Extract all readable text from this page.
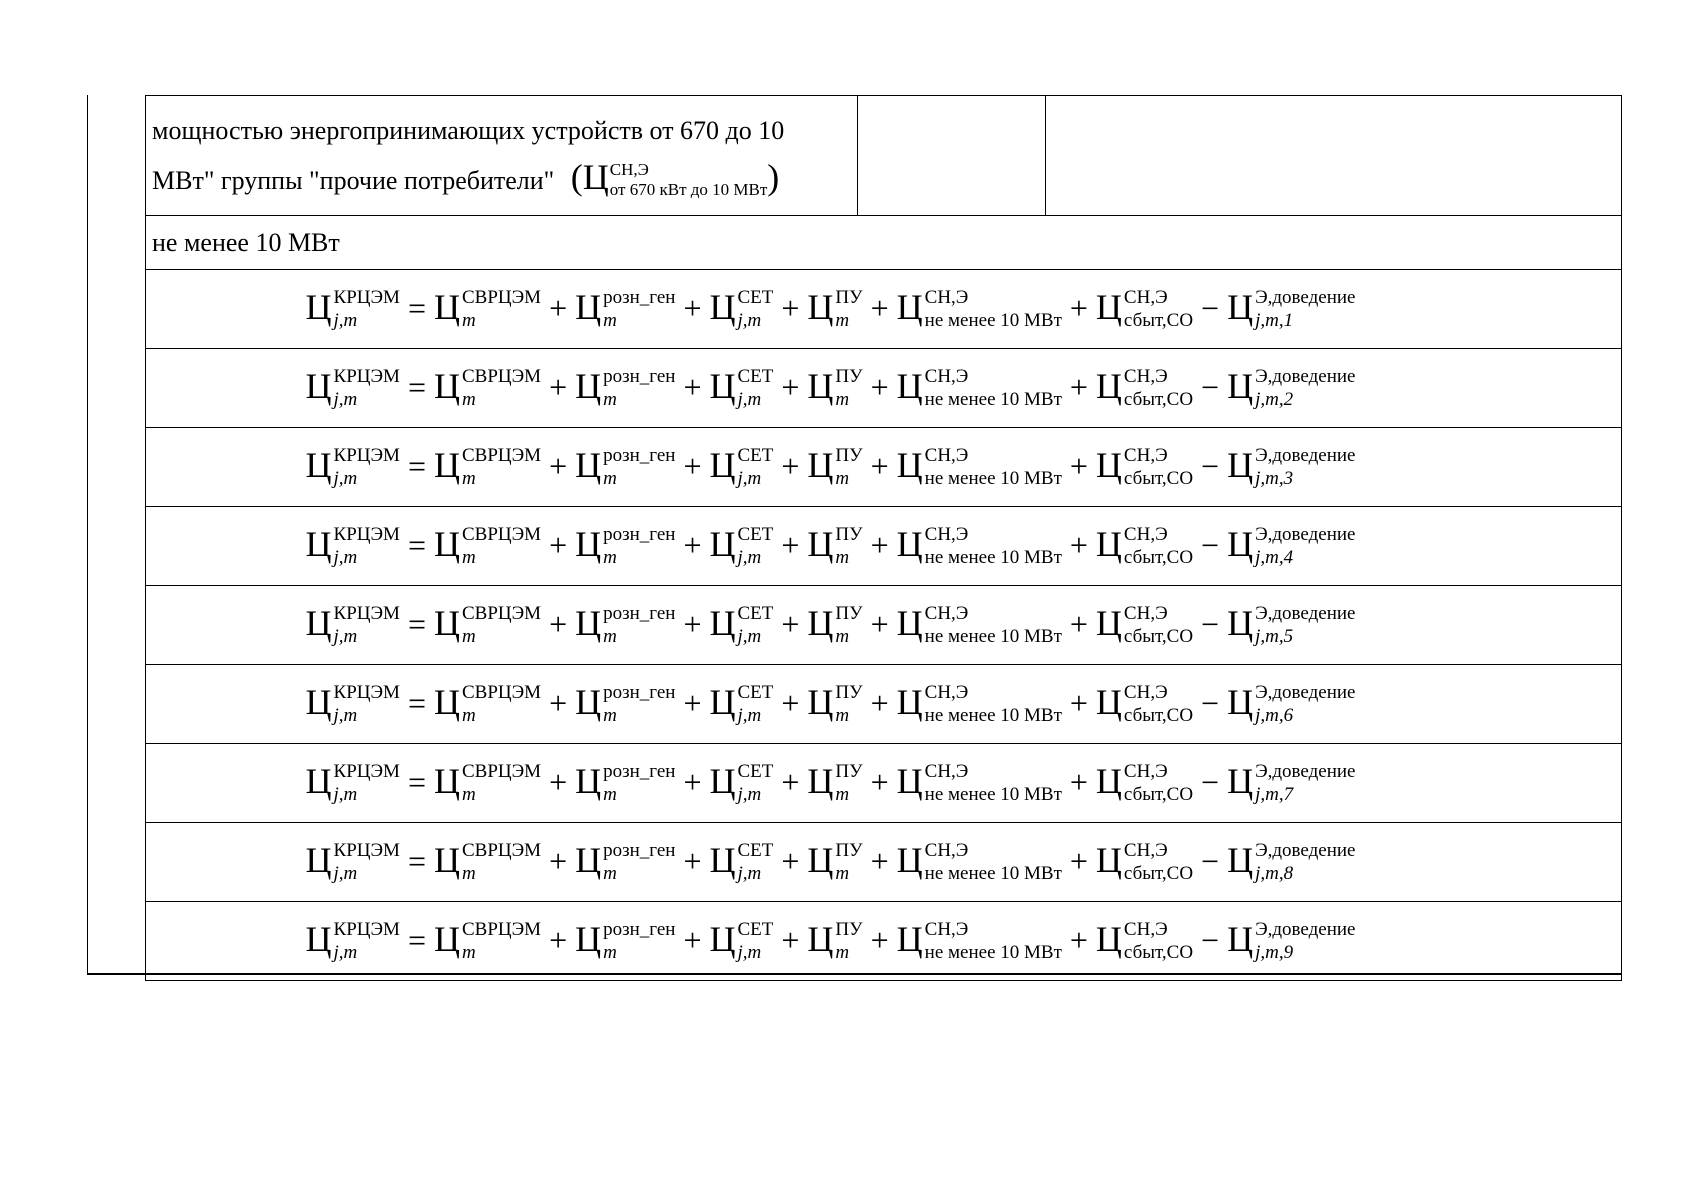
мощностью энергопринимающих устройств от 670 до 10
МВт" группы "прочие потребители" (Ц СН,Э
от 670 кВт до 10 МВт )		
не менее 10 МВт
Ц КРЦЭМ
j,m	= Ц СВРЦЭМ
m	+ Ц розн_ген
m	+ Ц СЕТ
j,m + Ц ПУ
m + Ц СН,Э
не менее 10 МВт + Ц СН,Э
сбыт,СО − Ц Э,доведение
j,m,1

Ц КРЦЭМ
j,m	= Ц СВРЦЭМ
m	+ Ц розн_ген
m	+ Ц СЕТ
j,m + Ц ПУ
m + Ц СН,Э
не менее 10 МВт + Ц СН,Э
сбыт,СО − Ц Э,доведение
j,m,2

Ц КРЦЭМ
j,m	= Ц СВРЦЭМ
m	+ Ц розн_ген
m	+ Ц СЕТ
j,m + Ц ПУ
m + Ц СН,Э
не менее 10 МВт + Ц СН,Э
сбыт,СО − Ц Э,доведение
j,m,3

Ц КРЦЭМ
j,m	= Ц СВРЦЭМ
m	+ Ц розн_ген
m	+ Ц СЕТ
j,m + Ц ПУ
m + Ц СН,Э
не менее 10 МВт + Ц СН,Э
сбыт,СО − Ц Э,доведение
j,m,4

Ц КРЦЭМ
j,m	= Ц СВРЦЭМ
m	+ Ц розн_ген
m	+ Ц СЕТ
j,m + Ц ПУ
m + Ц СН,Э
не менее 10 МВт + Ц СН,Э
сбыт,СО − Ц Э,доведение
j,m,5

Ц КРЦЭМ
j,m	= Ц СВРЦЭМ
m	+ Ц розн_ген
m	+ Ц СЕТ
j,m + Ц ПУ
m + Ц СН,Э
не менее 10 МВт + Ц СН,Э
сбыт,СО − Ц Э,доведение
j,m,6

Ц КРЦЭМ
j,m	= Ц СВРЦЭМ
m	+ Ц розн_ген
m	+ Ц СЕТ
j,m + Ц ПУ
m + Ц СН,Э
не менее 10 МВт + Ц СН,Э
сбыт,СО − Ц Э,доведение
j,m,7

Ц КРЦЭМ
j,m	= Ц СВРЦЭМ
m	+ Ц розн_ген
m	+ Ц СЕТ
j,m + Ц ПУ
m + Ц СН,Э
не менее 10 МВт + Ц СН,Э
сбыт,СО − Ц Э,доведение
j,m,8

Ц КРЦЭМ
j,m	= Ц СВРЦЭМ
m	+ Ц розн_ген
m	+ Ц СЕТ
j,m + Ц ПУ
m + Ц СН,Э
не менее 10 МВт + Ц СН,Э
сбыт,СО − Ц Э,доведение
j,m,9
